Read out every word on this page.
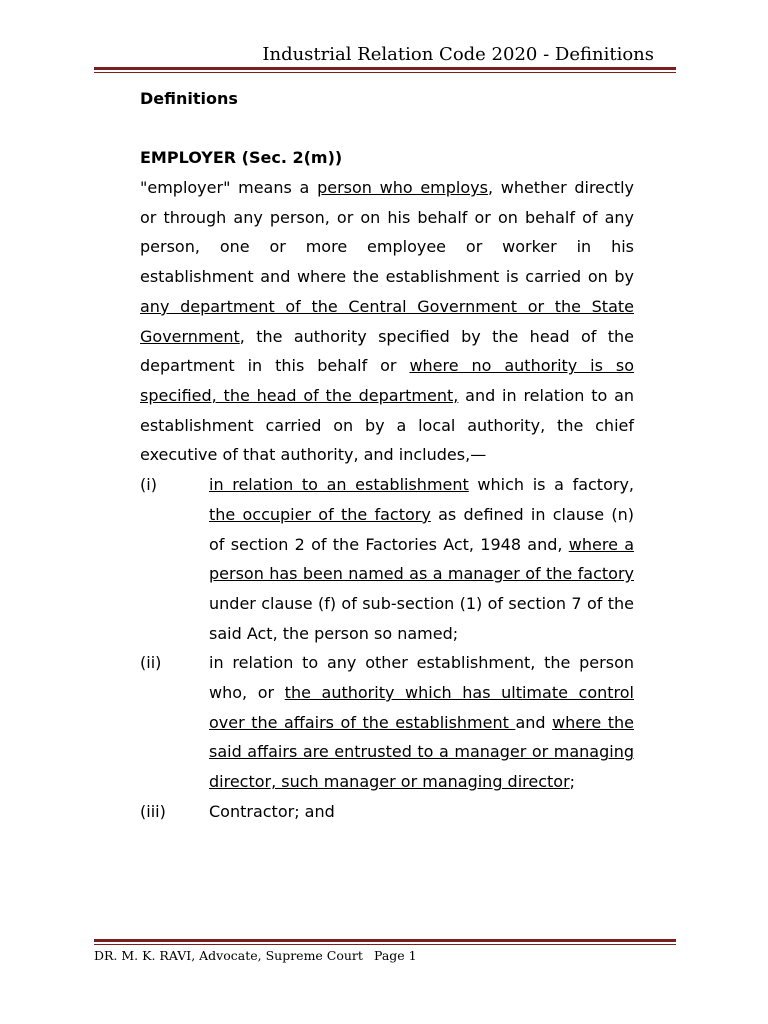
Industrial Relation Code 2020 - Definitions
Definitions
EMPLOYER (Sec. 2(m))

"employer" means a person who employs, whether directly or through any person, or on his behalf or on behalf of any person, one or more employee or worker in his establishment and where the establishment is carried on by any department of the Central Government or the State Government, the authority specified by the head of the department in this behalf or where no authority is so specified, the head of the department, and in relation to an establishment carried on by a local authority, the chief executive of that authority, and includes,—

(i)	in relation to an establishment which is a factory, the occupier of the factory as defined in clause (n) of section 2 of the Factories Act, 1948 and, where a person has been named as a manager of the factory under clause (f) of sub-section (1) of section 7 of the said Act, the person so named;
(ii)	in relation to any other establishment, the person who, or the authority which has ultimate control over the affairs of the establishment and where the said affairs are entrusted to a manager or managing director, such manager or managing director;
(iii)	Contractor; and
DR. M. K. RAVI, Advocate, Supreme Court Page 1
